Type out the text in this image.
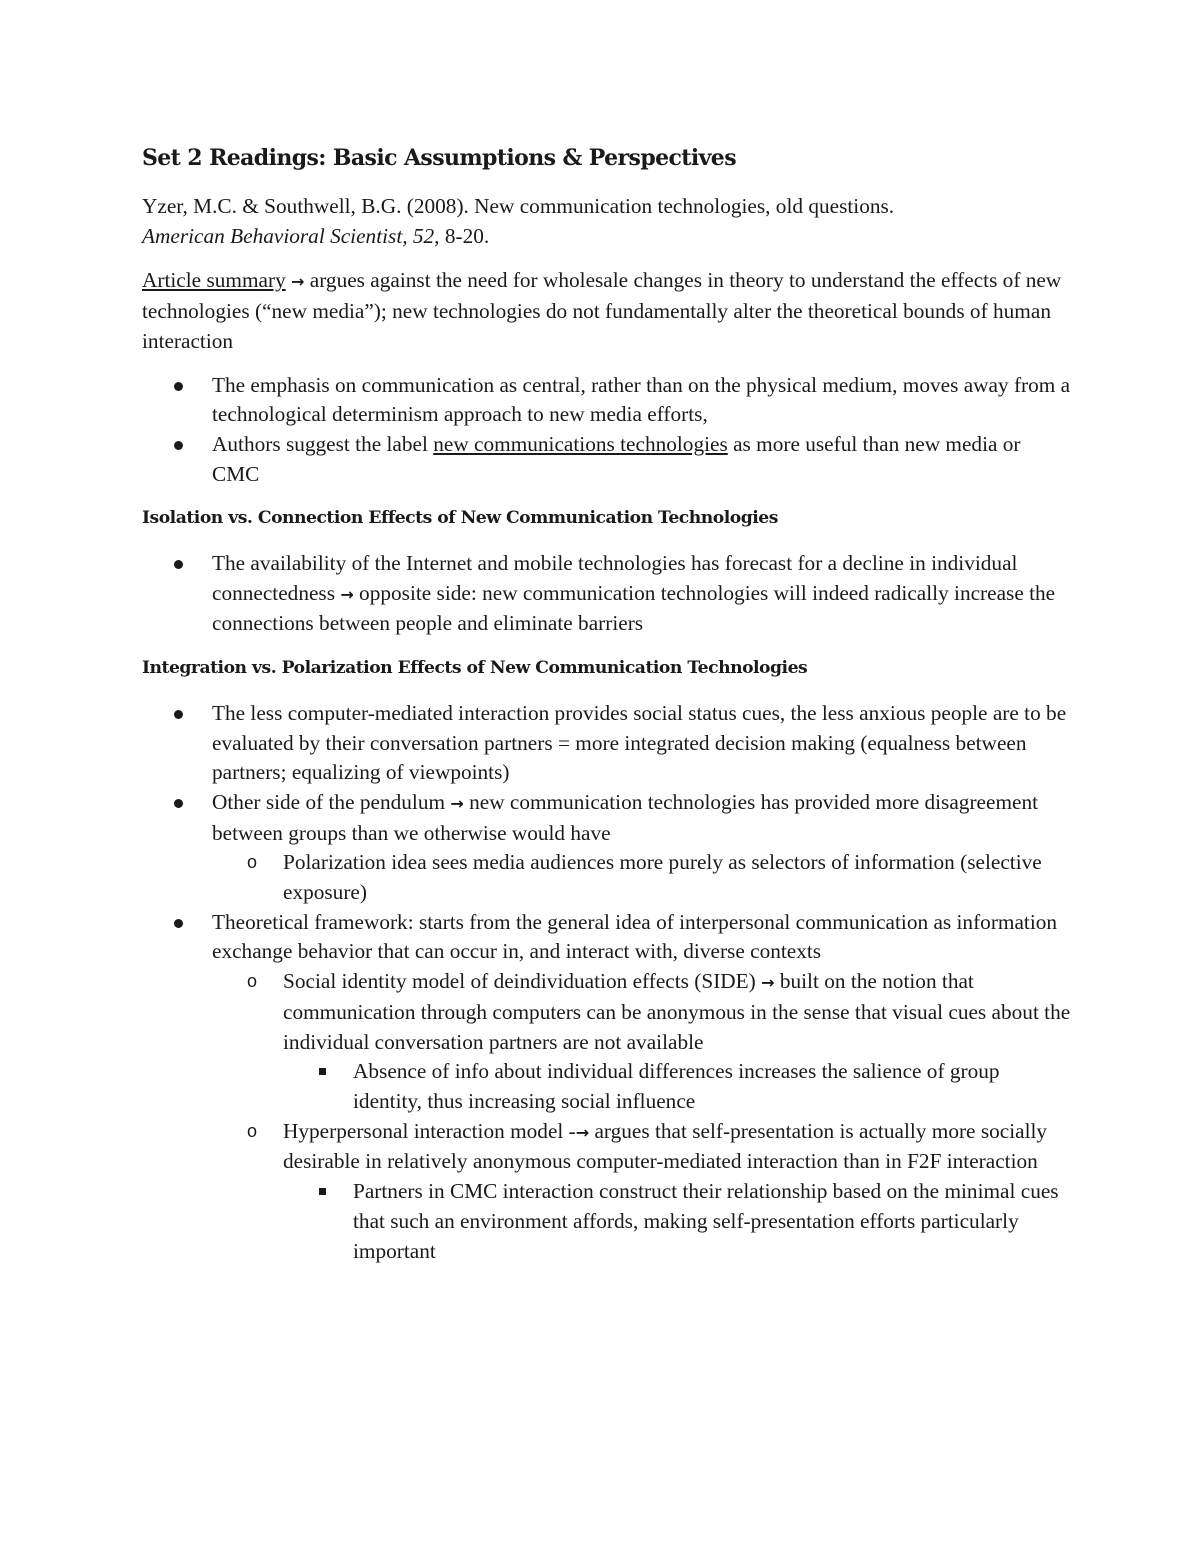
Set 2 Readings: Basic Assumptions & Perspectives

Yzer, M.C. & Southwell, B.G. (2008). New communication technologies, old questions.
American Behavioral Scientist, 52, 8-20.

Article summary → argues against the need for wholesale changes in theory to understand the effects of new technologies (“new media”); new technologies do not fundamentally alter the theoretical bounds of human interaction

The emphasis on communication as central, rather than on the physical medium, moves away from a technological determinism approach to new media efforts,
Authors suggest the label new communications technologies as more useful than new media or CMC
Isolation vs. Connection Effects of New Communication Technologies
The availability of the Internet and mobile technologies has forecast for a decline in individual connectedness → opposite side: new communication technologies will indeed radically increase the connections between people and eliminate barriers
Integration vs. Polarization Effects of New Communication Technologies
The less computer-mediated interaction provides social status cues, the less anxious people are to be evaluated by their conversation partners = more integrated decision making (equalness between partners; equalizing of viewpoints)
Other side of the pendulum → new communication technologies has provided more disagreement between groups than we otherwise would have
o Polarization idea sees media audiences more purely as selectors of information (selective exposure)
Theoretical framework: starts from the general idea of interpersonal communication as information exchange behavior that can occur in, and interact with, diverse contexts
o Social identity model of deindividuation effects (SIDE) → built on the notion that communication through computers can be anonymous in the sense that visual cues about the individual conversation partners are not available
Absence of info about individual differences increases the salience of group identity, thus increasing social influence
o Hyperpersonal interaction model -→ argues that self-presentation is actually more socially desirable in relatively anonymous computer-mediated interaction than in F2F interaction
Partners in CMC interaction construct their relationship based on the minimal cues that such an environment affords, making self-presentation efforts particularly important
